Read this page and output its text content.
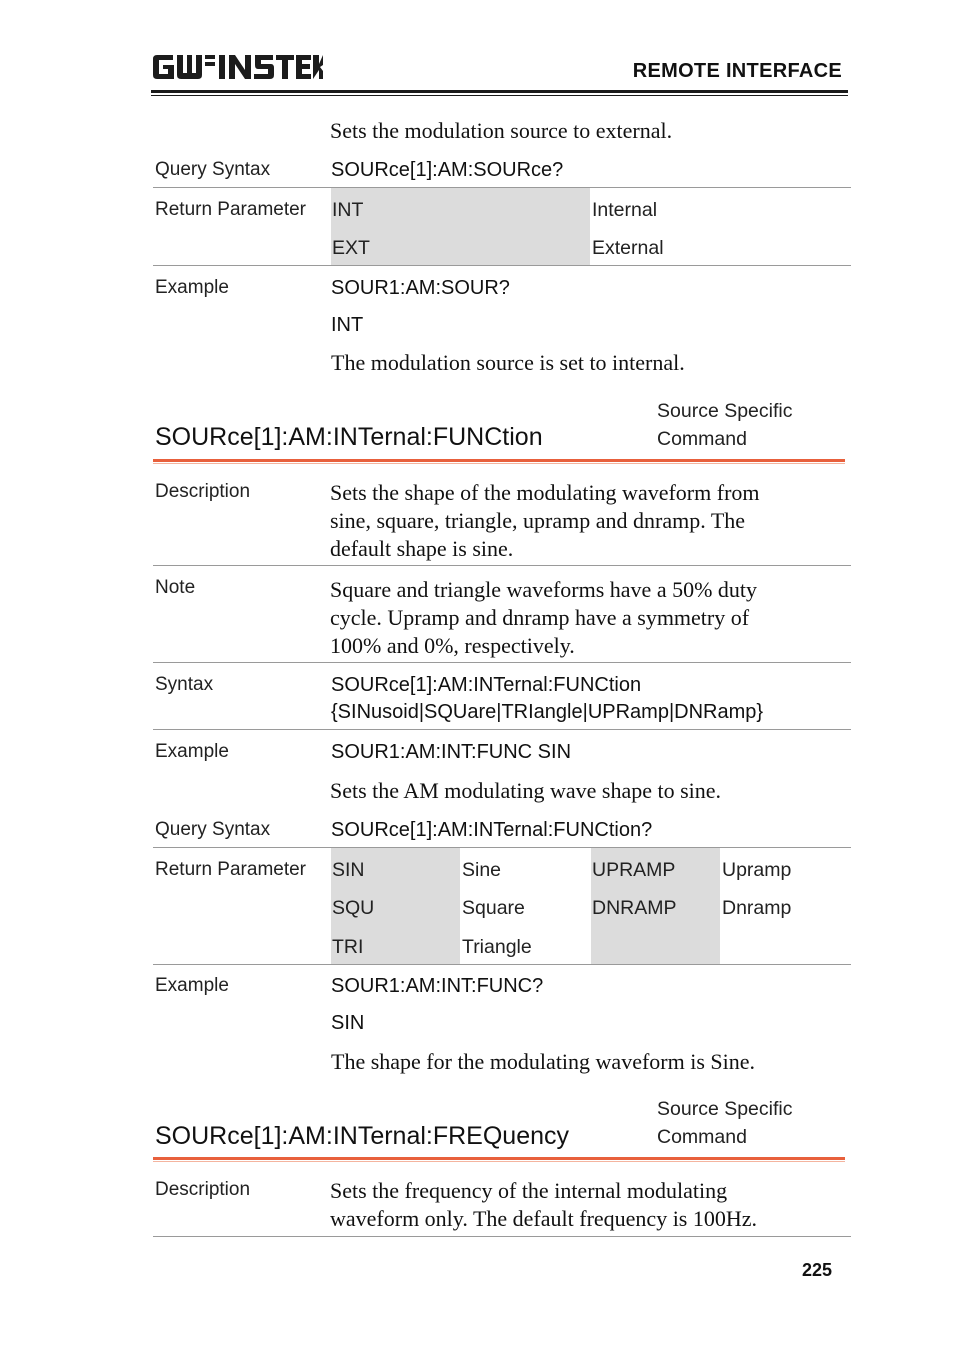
REMOTE INTERFACE
Sets the modulation source to external.
Query Syntax	SOURce[1]:AM:SOURce?
Return Parameter INT	Internal
EXT	External
Example	SOUR1:AM:SOUR?
INT
The modulation source is set to internal.
SOURce[1]:AM:INTernal:FUNCtion
Source Specific
Command
Description	Sets the shape of the modulating waveform from
sine, square, triangle, upramp and dnramp. The
default shape is sine.
Note	Square and triangle waveforms have a 50% duty
cycle. Upramp and dnramp have a symmetry of
100% and 0%, respectively.
Syntax	SOURce[1]:AM:INTernal:FUNCtion
{SINusoid|SQUare|TRIangle|UPRamp|DNRamp}
Example	SOUR1:AM:INT:FUNC SIN
Sets the AM modulating wave shape to sine.
Query Syntax	SOURce[1]:AM:INTernal:FUNCtion?
Return Parameter SIN	Sine	UPRAMP Upramp
SQU	Square	DNRAMP Dnramp
TRI	Triangle
Example	SOUR1:AM:INT:FUNC?
SIN
The shape for the modulating waveform is Sine.
SOURce[1]:AM:INTernal:FREQuency
Source Specific
Command
Description	Sets the frequency of the internal modulating
waveform only. The default frequency is 100Hz.
225
